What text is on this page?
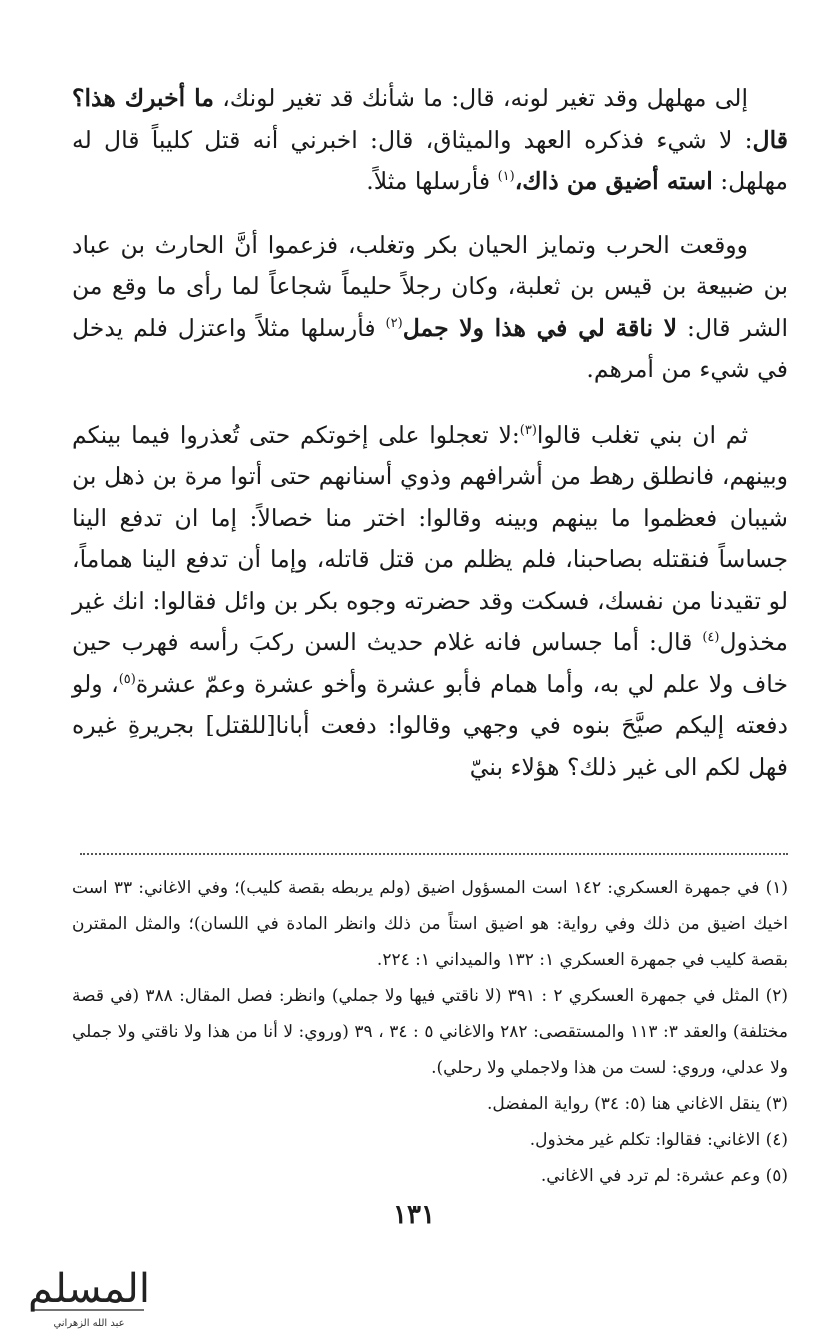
إلى مهلهل وقد تغير لونه، قال: ما شأنك قد تغير لونك، ما أخبرك هذا؟ قال: لا شيء فذكره العهد والميثاق، قال: اخبرني أنه قتل كليباً قال له مهلهل: استه أضيق من ذاك،$^{(١)}$ فأرسلها مثلاً.

ووقعت الحرب وتمايز الحيان بكر وتغلب، فزعموا أنَّ الحارث بن عباد بن ضبيعة بن قيس بن ثعلبة، وكان رجلاً حليماً شجاعاً لما رأى ما وقع من الشر قال: لا ناقة لي في هذا ولا جمل$^{(٢)}$ فأرسلها مثلاً واعتزل فلم يدخل في شيء من أمرهم.

ثم ان بني تغلب قالوا$^{(٣)}$:لا تعجلوا على إخوتكم حتى تُعذروا فيما بينكم وبينهم، فانطلق رهط من أشرافهم وذوي أسنانهم حتى أتوا مرة بن ذهل بن شيبان فعظموا ما بينهم وبينه وقالوا: اختر منا خصالاً: إما ان تدفع الينا جساساً فنقتله بصاحبنا، فلم يظلم من قتل قاتله، وإما أن تدفع الينا هماماً، لو تقيدنا من نفسك، فسكت وقد حضرته وجوه بكر بن وائل فقالوا: انك غير مخذول$^{(٤)}$ قال: أما جساس فانه غلام حديث السن ركبَ رأسه فهرب حين خاف ولا علم لي به، وأما همام فأبو عشرة وأخو عشرة وعمّ عشرة$^{(٥)}$، ولو دفعته إليكم صيَّحَ بنوه في وجهي وقالوا: دفعت أبانا[للقتل] بجريرةِ غيره فهل لكم الى غير ذلك؟ هؤلاء بنيّ

(١) في جمهرة العسكري: ١٤٢ است المسؤول اضيق (ولم يربطه بقصة كليب)؛ وفي الاغاني: ٣٣ است اخيك اضيق من ذلك وفي رواية: هو اضيق استاً من ذلك وانظر المادة في اللسان)؛ والمثل المقترن بقصة كليب في جمهرة العسكري ١: ١٣٢ والميداني ١: ٢٢٤.

(٢) المثل في جمهرة العسكري ٢ : ٣٩١ (لا ناقتي فيها ولا جملي) وانظر: فصل المقال: ٣٨٨ (في قصة مختلفة) والعقد ٣: ١١٣ والمستقصى: ٢٨٢ والاغاني ٥ : ٣٤ ، ٣٩ (وروي: لا أنا من هذا ولا ناقتي ولا جملي ولا عدلي، وروي: لست من هذا ولاجملي ولا رحلي).

(٣) ينقل الاغاني هنا (٥: ٣٤) رواية المفضل.

(٤) الاغاني: فقالوا: تكلم غير مخذول.

(٥) وعم عشرة: لم ترد في الاغاني.

١٣١
المسلم
عبد الله الزهراني
